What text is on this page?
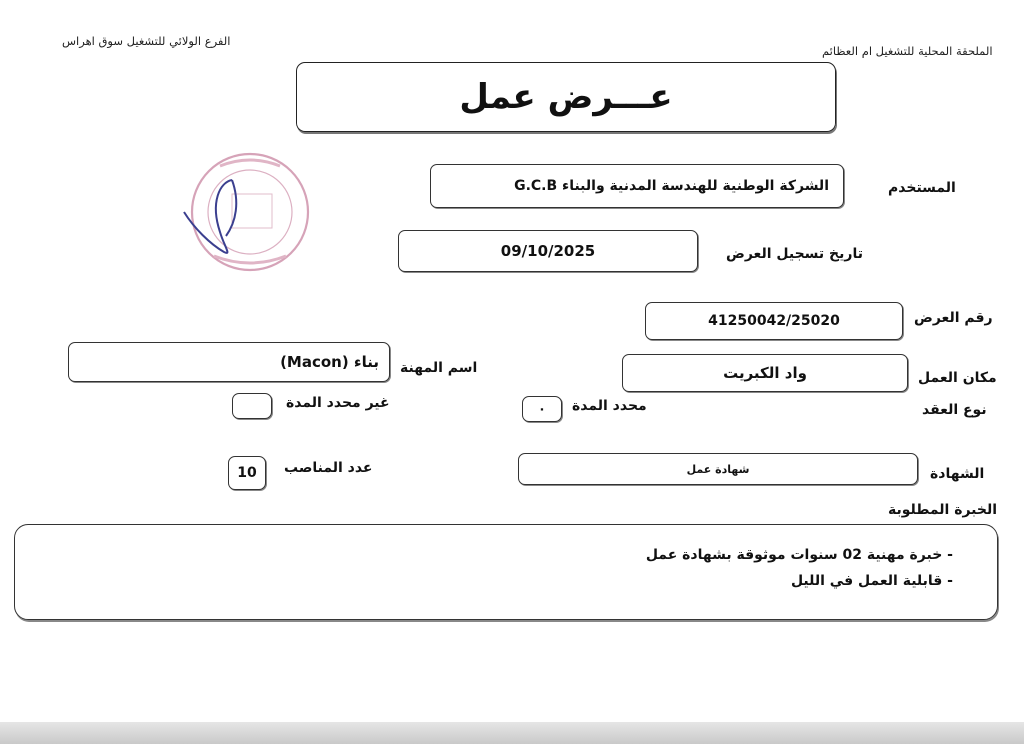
الفرع الولائي للتشغيل سوق اهراس
الملحقة المحلية للتشغيل ام العظائم
عـــرض عمل
المستخدم
الشركة الوطنية للهندسة المدنية والبناء G.C.B
تاريخ تسجيل العرض
09/10/2025
رقم العرض
41250042/25020
مكان العمل
واد الكبريت
اسم المهنة
بناء (Macon)
نوع العقد
محدد المدة
٠
غير محدد المدة
الشهادة
شهادة عمل
عدد المناصب
10
الخبرة المطلوبة
- خبرة مهنية 02 سنوات موثوقة بشهادة عمل
- قابلية العمل في الليل
